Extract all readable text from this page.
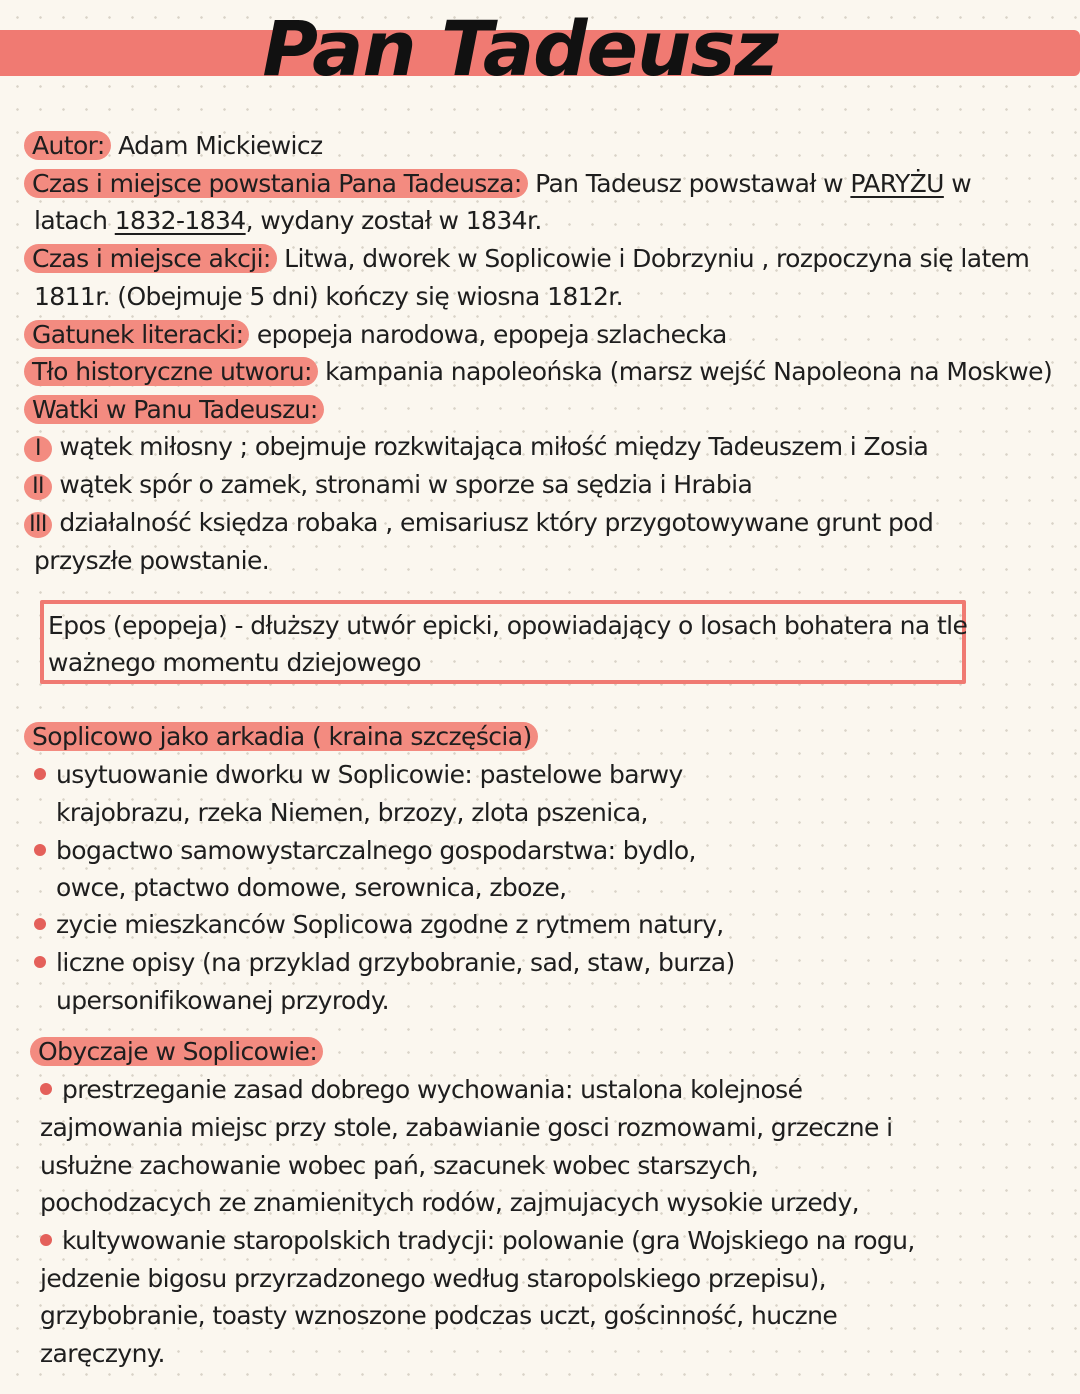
Pan Tadeusz
Autor: Adam Mickiewicz
Czas i miejsce powstania Pana Tadeusza: Pan Tadeusz powstawał w PARYŻU w
latach 1832-1834, wydany został w 1834r.
Czas i miejsce akcji: Litwa, dworek w Soplicowie i Dobrzyniu , rozpoczyna się latem
1811r. (Obejmuje 5 dni) kończy się wiosna 1812r.
Gatunek literacki: epopeja narodowa, epopeja szlachecka
Tło historyczne utworu: kampania napoleońska (marsz wejść Napoleona na Moskwe)
Watki w Panu Tadeuszu:
I wątek miłosny ; obejmuje rozkwitająca miłość między Tadeuszem i Zosia
II wątek spór o zamek, stronami w sporze sa sędzia i Hrabia
III działalność księdza robaka , emisariusz który przygotowywane grunt pod
przyszłe powstanie.
Epos (epopeja) - dłuższy utwór epicki, opowiadający o losach bohatera na tle
ważnego momentu dziejowego
Soplicowo jako arkadia ( kraina szczęścia)
usytuowanie dworku w Soplicowie: pastelowe barwy
krajobrazu, rzeka Niemen, brzozy, zlota pszenica,
bogactwo samowystarczalnego gospodarstwa: bydlo,
owce, ptactwo domowe, serownica, zboze,
zycie mieszkanców Soplicowa zgodne z rytmem natury,
liczne opisy (na przyklad grzybobranie, sad, staw, burza)
upersonifikowanej przyrody.
Obyczaje w Soplicowie:
prestrzeganie zasad dobrego wychowania: ustalona kolejnosé
zajmowania miejsc przy stole, zabawianie gosci rozmowami, grzeczne i
usłużne zachowanie wobec pań, szacunek wobec starszych,
pochodzacych ze znamienitych rodów, zajmujacych wysokie urzedy,
kultywowanie staropolskich tradycji: polowanie (gra Wojskiego na rogu,
jedzenie bigosu przyrzadzonego według staropolskiego przepisu),
grzybobranie, toasty wznoszone podczas uczt, gościnność, huczne
zaręczyny.
